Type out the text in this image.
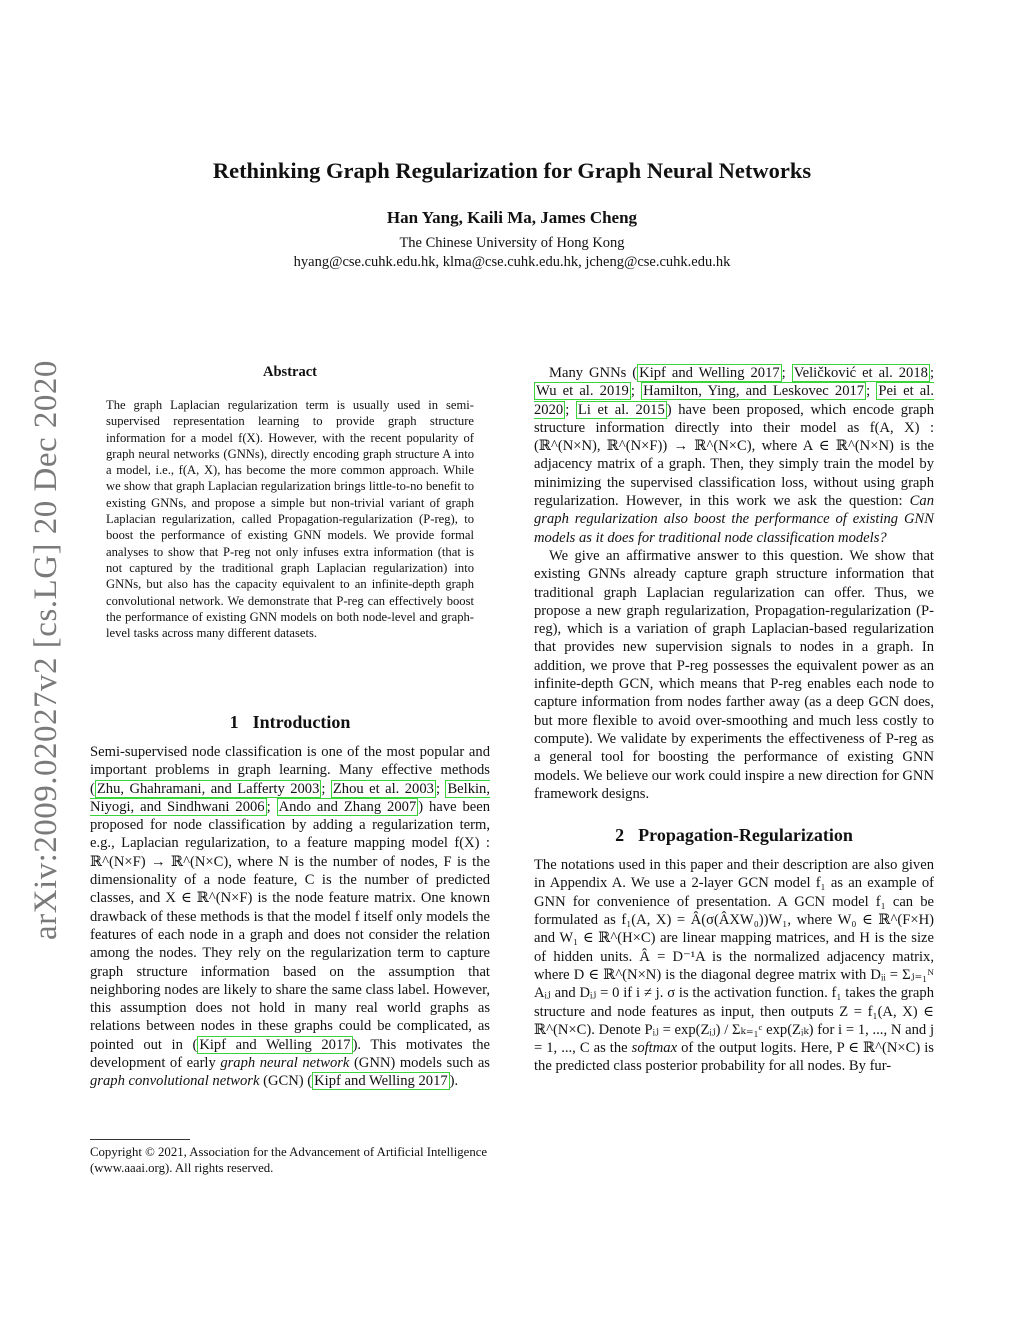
arXiv:2009.02027v2 [cs.LG] 20 Dec 2020
Rethinking Graph Regularization for Graph Neural Networks
Han Yang, Kaili Ma, James Cheng
The Chinese University of Hong Kong
hyang@cse.cuhk.edu.hk, klma@cse.cuhk.edu.hk, jcheng@cse.cuhk.edu.hk
Abstract
The graph Laplacian regularization term is usually used in semi-supervised representation learning to provide graph structure information for a model f(X). However, with the recent popularity of graph neural networks (GNNs), directly encoding graph structure A into a model, i.e., f(A, X), has become the more common approach. While we show that graph Laplacian regularization brings little-to-no benefit to existing GNNs, and propose a simple but non-trivial variant of graph Laplacian regularization, called Propagation-regularization (P-reg), to boost the performance of existing GNN models. We provide formal analyses to show that P-reg not only infuses extra information (that is not captured by the traditional graph Laplacian regularization) into GNNs, but also has the capacity equivalent to an infinite-depth graph convolutional network. We demonstrate that P-reg can effectively boost the performance of existing GNN models on both node-level and graph-level tasks across many different datasets.
1 Introduction

Semi-supervised node classification is one of the most popular and important problems in graph learning. Many effective methods ( Zhu, Ghahramani, and Lafferty 2003 ; Zhou et al. 2003 ; Belkin, Niyogi, and Sindhwani 2006 ; Ando and Zhang 2007 ) have been proposed for node classification by adding a regularization term, e.g., Laplacian regularization, to a feature mapping model f(X) : ℝ^(N×F) → ℝ^(N×C), where N is the number of nodes, F is the dimensionality of a node feature, C is the number of predicted classes, and X ∈ ℝ^(N×F) is the node feature matrix. One known drawback of these methods is that the model f itself only models the features of each node in a graph and does not consider the relation among the nodes. They rely on the regularization term to capture graph structure information based on the assumption that neighboring nodes are likely to share the same class label. However, this assumption does not hold in many real world graphs as relations between nodes in these graphs could be complicated, as pointed out in ( Kipf and Welling 2017 ). This motivates the development of early graph neural network (GNN) models such as graph convolutional network (GCN) ( Kipf and Welling 2017 ).

Copyright © 2021, Association for the Advancement of Artificial Intelligence (www.aaai.org). All rights reserved.

Many GNNs ( Kipf and Welling 2017 ; Veličković et al. 2018 ; Wu et al. 2019 ; Hamilton, Ying, and Leskovec 2017 ; Pei et al. 2020 ; Li et al. 2015 ) have been proposed, which encode graph structure information directly into their model as f(A, X) : (ℝ^(N×N), ℝ^(N×F)) → ℝ^(N×C), where A ∈ ℝ^(N×N) is the adjacency matrix of a graph. Then, they simply train the model by minimizing the supervised classification loss, without using graph regularization. However, in this work we ask the question: Can graph regularization also boost the performance of existing GNN models as it does for traditional node classification models?

We give an affirmative answer to this question. We show that existing GNNs already capture graph structure information that traditional graph Laplacian regularization can offer. Thus, we propose a new graph regularization, Propagation-regularization (P-reg), which is a variation of graph Laplacian-based regularization that provides new supervision signals to nodes in a graph. In addition, we prove that P-reg possesses the equivalent power as an infinite-depth GCN, which means that P-reg enables each node to capture information from nodes farther away (as a deep GCN does, but more flexible to avoid over-smoothing and much less costly to compute). We validate by experiments the effectiveness of P-reg as a general tool for boosting the performance of existing GNN models. We believe our work could inspire a new direction for GNN framework designs.

2 Propagation-Regularization

The notations used in this paper and their description are also given in Appendix A. We use a 2-layer GCN model f₁ as an example of GNN for convenience of presentation. A GCN model f₁ can be formulated as f₁(A, X) = Â(σ(ÂXW₀))W₁, where W₀ ∈ ℝ^(F×H) and W₁ ∈ ℝ^(H×C) are linear mapping matrices, and H is the size of hidden units. Â = D⁻¹A is the normalized adjacency matrix, where D ∈ ℝ^(N×N) is the diagonal degree matrix with Dᵢᵢ = Σⱼ₌₁ᴺ Aᵢⱼ and Dᵢⱼ = 0 if i ≠ j. σ is the activation function. f₁ takes the graph structure and node features as input, then outputs Z = f₁(A, X) ∈ ℝ^(N×C). Denote Pᵢⱼ = exp(Zᵢⱼ) / Σₖ₌₁ᶜ exp(Zᵢₖ) for i = 1, ..., N and j = 1, ..., C as the softmax of the output logits. Here, P ∈ ℝ^(N×C) is the predicted class posterior probability for all nodes. By fur-
